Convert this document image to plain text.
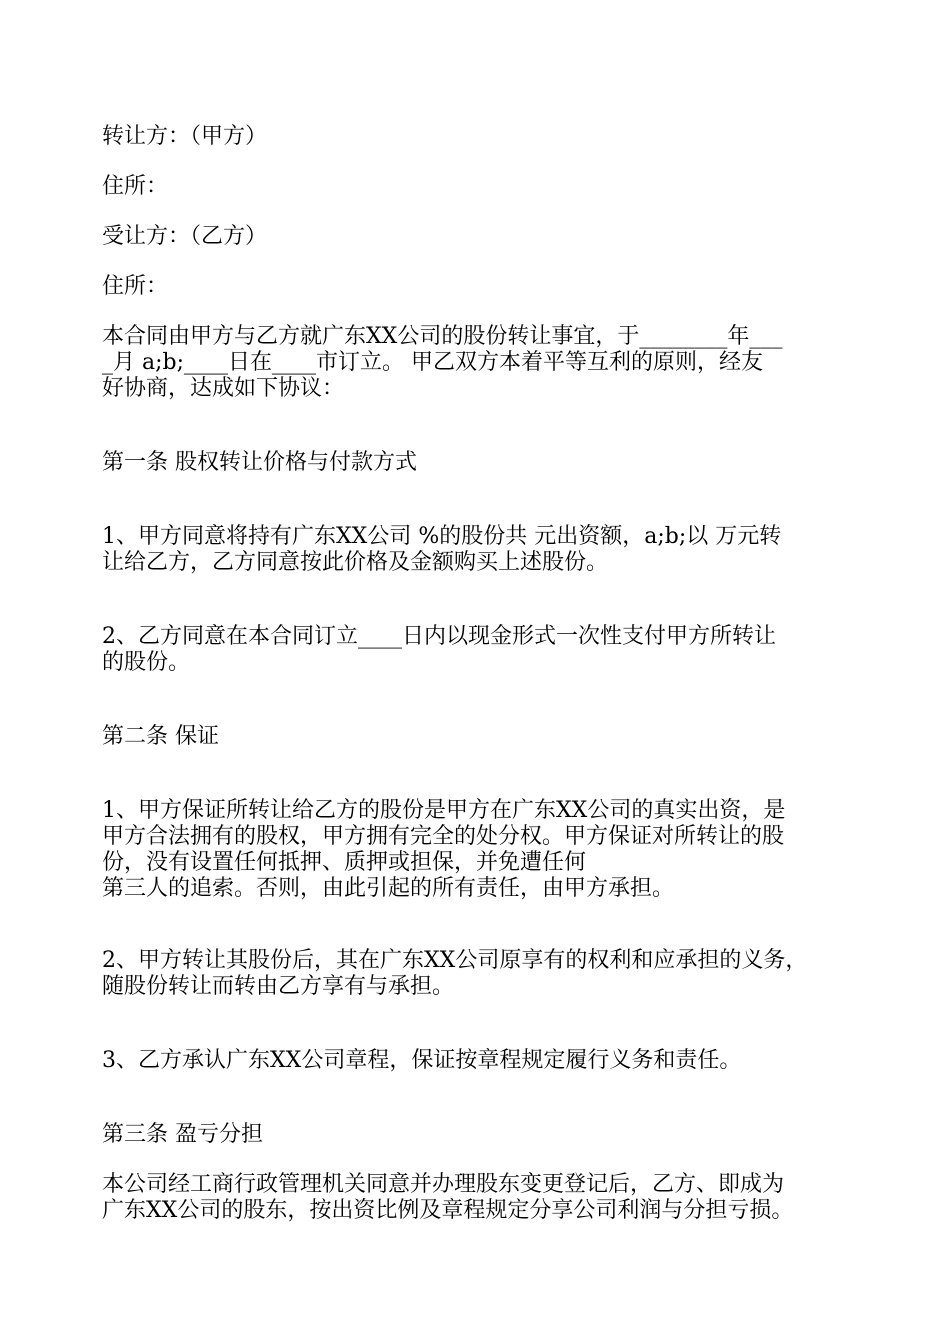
转让方：（甲方）
住所：
受让方：（乙方）
住所：
本合同由甲方与乙方就广东XX公司的股份转让事宜，于________年___
_月 a;b;____日在____市订立。 甲乙双方本着平等互利的原则，经友
好协商，达成如下协议：
第一条 股权转让价格与付款方式
1、甲方同意将持有广东XX公司 %的股份共 元出资额，a;b;以 万元转
让给乙方，乙方同意按此价格及金额购买上述股份。
2、乙方同意在本合同订立____日内以现金形式一次性支付甲方所转让
的股份。
第二条 保证
1、甲方保证所转让给乙方的股份是甲方在广东XX公司的真实出资，是
甲方合法拥有的股权，甲方拥有完全的处分权。甲方保证对所转让的股
份，没有设置任何抵押、质押或担保，并免遭任何
第三人的追索。否则，由此引起的所有责任，由甲方承担。
2、甲方转让其股份后，其在广东XX公司原享有的权利和应承担的义务，
随股份转让而转由乙方享有与承担。
3、乙方承认广东XX公司章程，保证按章程规定履行义务和责任。
第三条 盈亏分担
本公司经工商行政管理机关同意并办理股东变更登记后，乙方、即成为
广东XX公司的股东，按出资比例及章程规定分享公司利润与分担亏损。
